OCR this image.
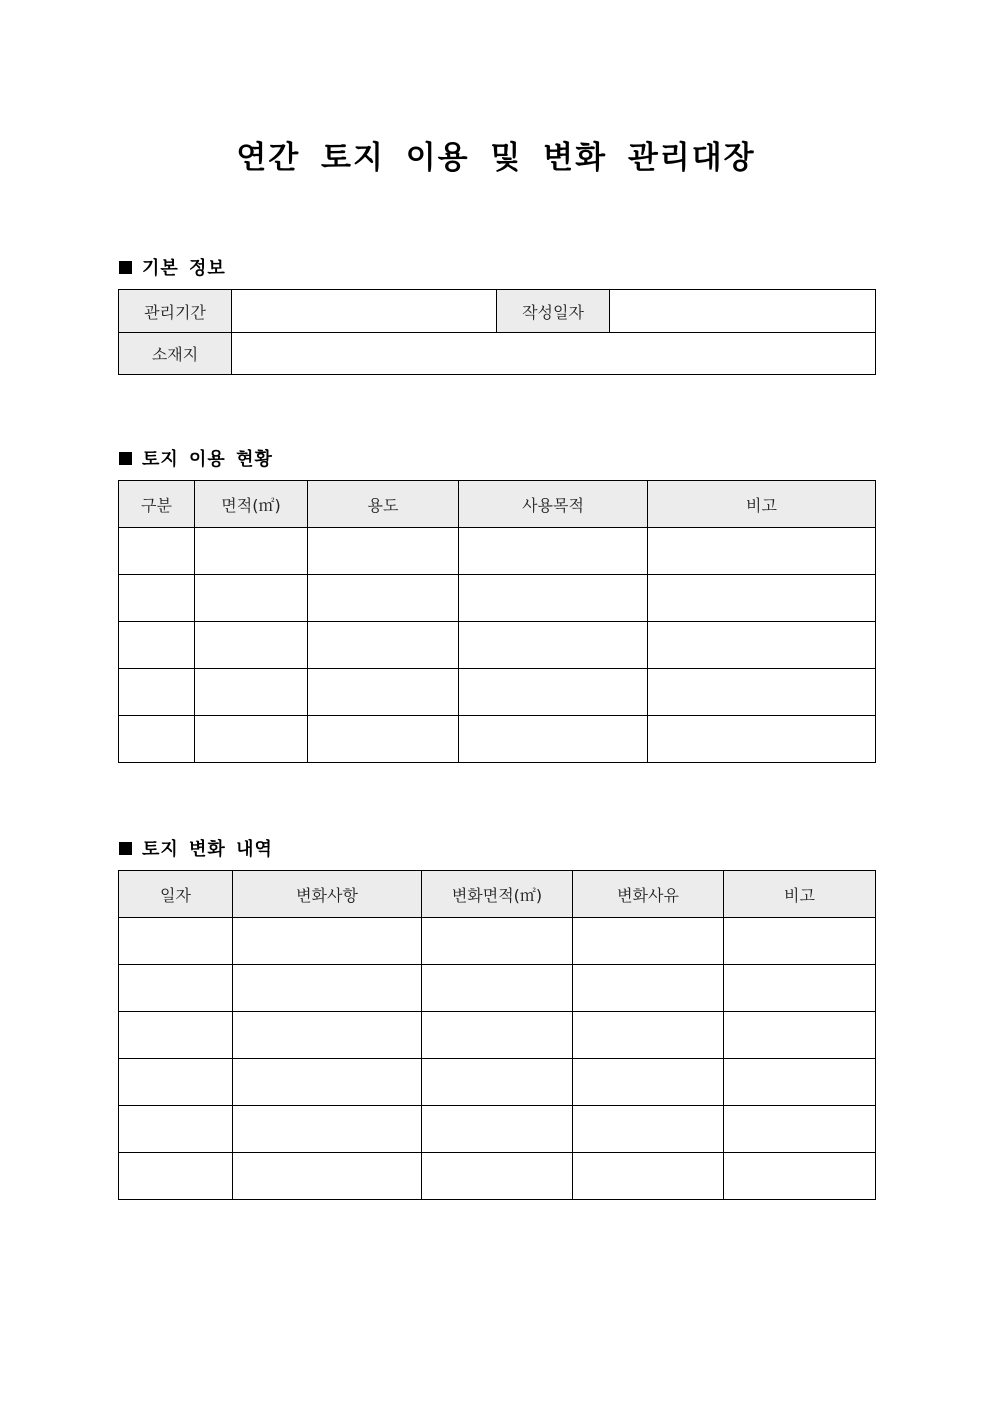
연간 토지 이용 및 변화 관리대장
기본 정보
관리기간		작성일자	
소재지			
토지 이용 현황
구분	면적(㎡)	용도	사용목적	비고

토지 변화 내역
일자	변화사항	변화면적(㎡)	변화사유	비고
